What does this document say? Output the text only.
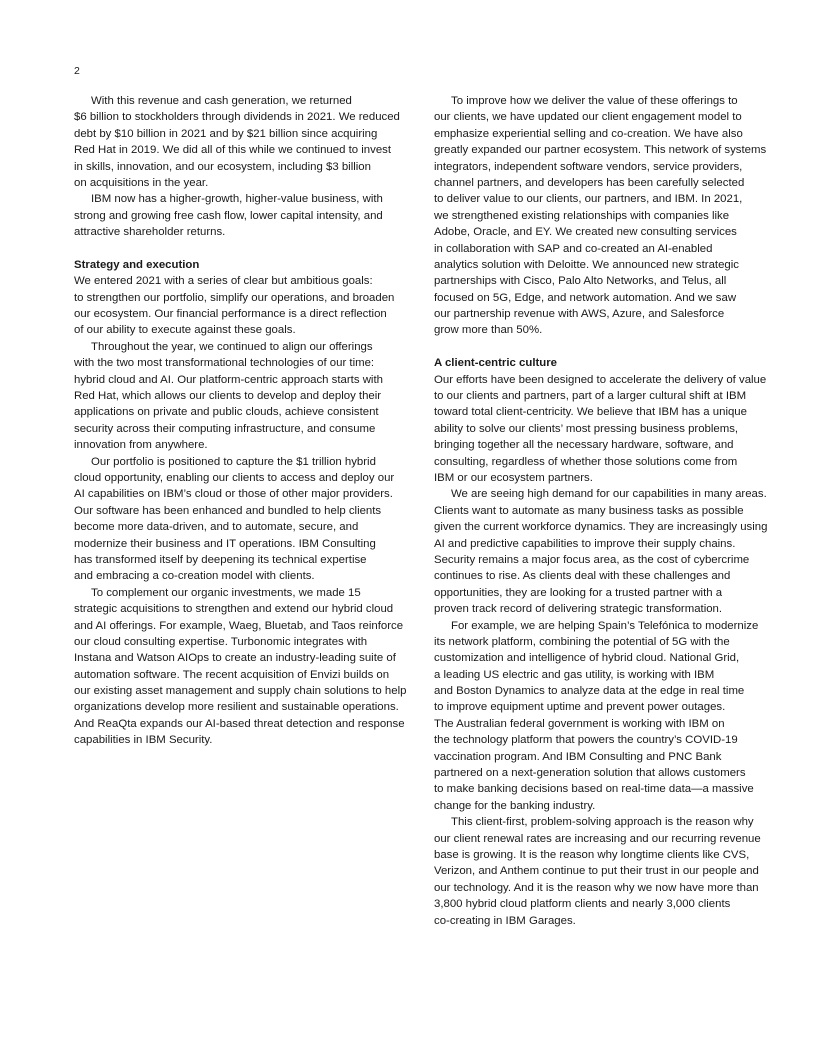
2
With this revenue and cash generation, we returned
$6 billion to stockholders through dividends in 2021. We reduced
debt by $10 billion in 2021 and by $21 billion since acquiring
Red Hat in 2019. We did all of this while we continued to invest
in skills, innovation, and our ecosystem, including $3 billion
on acquisitions in the year.
IBM now has a higher-growth, higher-value business, with
strong and growing free cash flow, lower capital intensity, and
attractive shareholder returns.
Strategy and execution
We entered 2021 with a series of clear but ambitious goals:
to strengthen our portfolio, simplify our operations, and broaden
our ecosystem. Our financial performance is a direct reflection
of our ability to execute against these goals.
Throughout the year, we continued to align our offerings
with the two most transformational technologies of our time:
hybrid cloud and AI. Our platform-centric approach starts with
Red Hat, which allows our clients to develop and deploy their
applications on private and public clouds, achieve consistent
security across their computing infrastructure, and consume
innovation from anywhere.
Our portfolio is positioned to capture the $1 trillion hybrid
cloud opportunity, enabling our clients to access and deploy our
AI capabilities on IBM’s cloud or those of other major providers.
Our software has been enhanced and bundled to help clients
become more data-driven, and to automate, secure, and
modernize their business and IT operations. IBM Consulting
has transformed itself by deepening its technical expertise
and embracing a co-creation model with clients.
To complement our organic investments, we made 15
strategic acquisitions to strengthen and extend our hybrid cloud
and AI offerings. For example, Waeg, Bluetab, and Taos reinforce
our cloud consulting expertise. Turbonomic integrates with
Instana and Watson AIOps to create an industry-leading suite of
automation software. The recent acquisition of Envizi builds on
our existing asset management and supply chain solutions to help
organizations develop more resilient and sustainable operations.
And ReaQta expands our AI-based threat detection and response
capabilities in IBM Security.
To improve how we deliver the value of these offerings to
our clients, we have updated our client engagement model to
emphasize experiential selling and co-creation. We have also
greatly expanded our partner ecosystem. This network of systems
integrators, independent software vendors, service providers,
channel partners, and developers has been carefully selected
to deliver value to our clients, our partners, and IBM. In 2021,
we strengthened existing relationships with companies like
Adobe, Oracle, and EY. We created new consulting services
in collaboration with SAP and co-created an AI-enabled
analytics solution with Deloitte. We announced new strategic
partnerships with Cisco, Palo Alto Networks, and Telus, all
focused on 5G, Edge, and network automation. And we saw
our partnership revenue with AWS, Azure, and Salesforce
grow more than 50%.
A client-centric culture
Our efforts have been designed to accelerate the delivery of value
to our clients and partners, part of a larger cultural shift at IBM
toward total client-centricity. We believe that IBM has a unique
ability to solve our clients’ most pressing business problems,
bringing together all the necessary hardware, software, and
consulting, regardless of whether those solutions come from
IBM or our ecosystem partners.
We are seeing high demand for our capabilities in many areas.
Clients want to automate as many business tasks as possible
given the current workforce dynamics. They are increasingly using
AI and predictive capabilities to improve their supply chains.
Security remains a major focus area, as the cost of cybercrime
continues to rise. As clients deal with these challenges and
opportunities, they are looking for a trusted partner with a
proven track record of delivering strategic transformation.
For example, we are helping Spain’s Telefónica to modernize
its network platform, combining the potential of 5G with the
customization and intelligence of hybrid cloud. National Grid,
a leading US electric and gas utility, is working with IBM
and Boston Dynamics to analyze data at the edge in real time
to improve equipment uptime and prevent power outages.
The Australian federal government is working with IBM on
the technology platform that powers the country’s COVID-19
vaccination program. And IBM Consulting and PNC Bank
partnered on a next-generation solution that allows customers
to make banking decisions based on real-time data—a massive
change for the banking industry.
This client-first, problem-solving approach is the reason why
our client renewal rates are increasing and our recurring revenue
base is growing. It is the reason why longtime clients like CVS,
Verizon, and Anthem continue to put their trust in our people and
our technology. And it is the reason why we now have more than
3,800 hybrid cloud platform clients and nearly 3,000 clients
co-creating in IBM Garages.
